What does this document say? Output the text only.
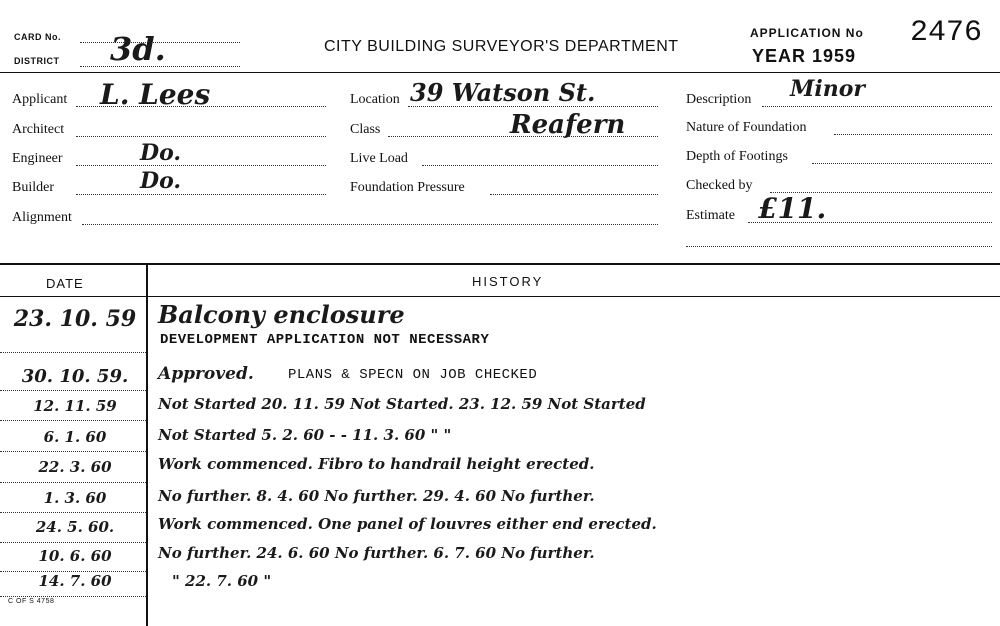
CARD No.
DISTRICT 3d.	CITY BUILDING SURVEYOR'S DEPARTMENT
APPLICATION No 2476
YEAR 1959
Applicant L. Lees
Architect
Engineer	Do.
Builder	Do.
Alignment
Location 39 Watson St.
Class	Reafern
Live Load
Foundation Pressure
Description Minor
Nature of Foundation
Depth of Footings
Checked by
Estimate £11.
DATE	HISTORY
23. 10. 59 Balcony enclosure
DEVELOPMENT APPLICATION NOT NECESSARY
30. 10. 59.	Approved. PLANS & SPECN ON JOB CHECKED
12. 11. 59	Not Started 20. 11. 59 Not Started. 23. 12. 59 Not Started
6. 1. 60	Not Started 5. 2. 60 - - 11. 3. 60 " "
22. 3. 60	Work commenced. Fibro to handrail height erected.
1. 3. 60	No further. 8. 4. 60 No further. 29. 4. 60 No further.
24. 5. 60.	Work commenced. One panel of louvres either end erected.
10. 6. 60	No further. 24. 6. 60 No further. 6. 7. 60 No further.
14. 7. 60	" 22. 7. 60 "
C OF S 4758
